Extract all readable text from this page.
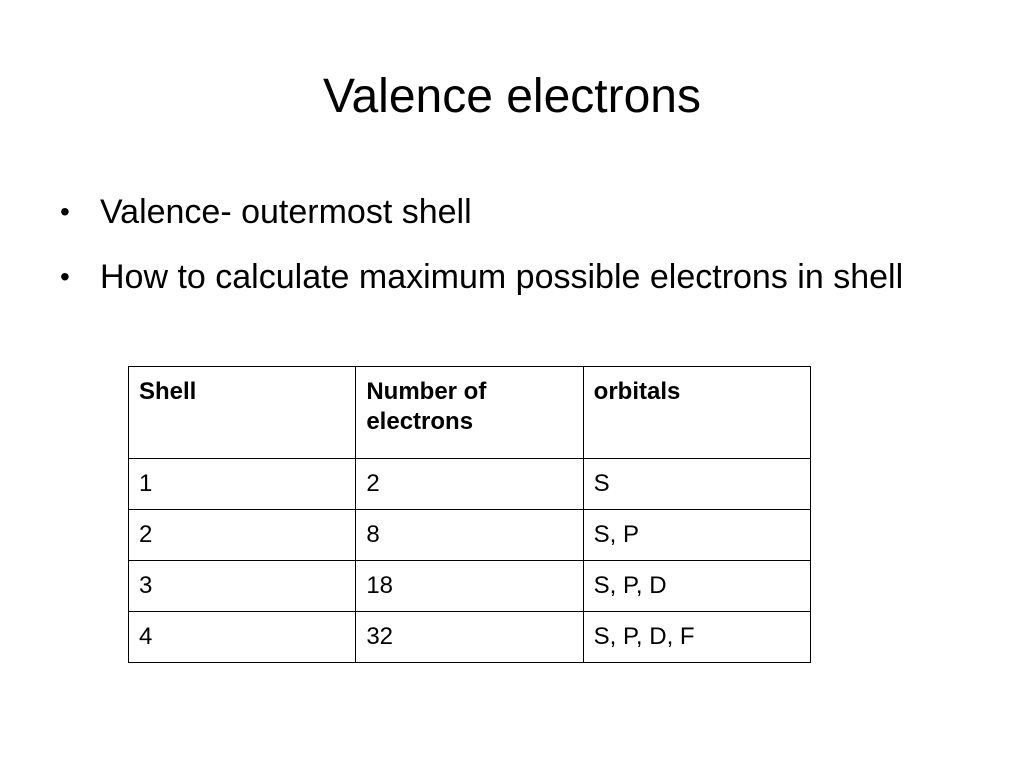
Valence electrons
• Valence- outermost shell
• How to calculate maximum possible electrons in shell
Shell	Number of electrons	orbitals
1	2	S
2	8	S, P
3	18	S, P, D
4	32	S, P, D, F
